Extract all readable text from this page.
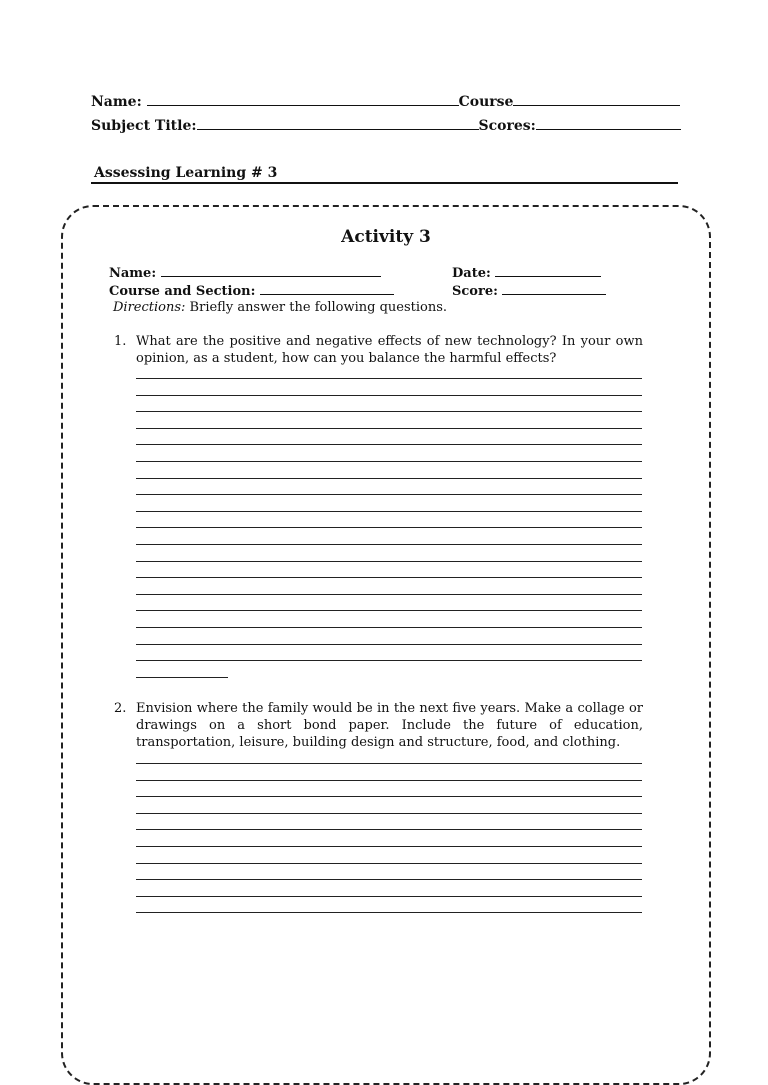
Name:	Course
Subject Title:	Scores:
Assessing Learning # 3
Activity 3
Name:	Date:
Course and Section:	Score:
Directions: Briefly answer the following questions.
1. What are the positive and negative effects of new technology? In your own opinion, as a student, how can you balance the harmful effects?
2. Envision where the family would be in the next five years. Make a collage or drawings on a short bond paper. Include the future of education, transportation, leisure, building design and structure, food, and clothing.
